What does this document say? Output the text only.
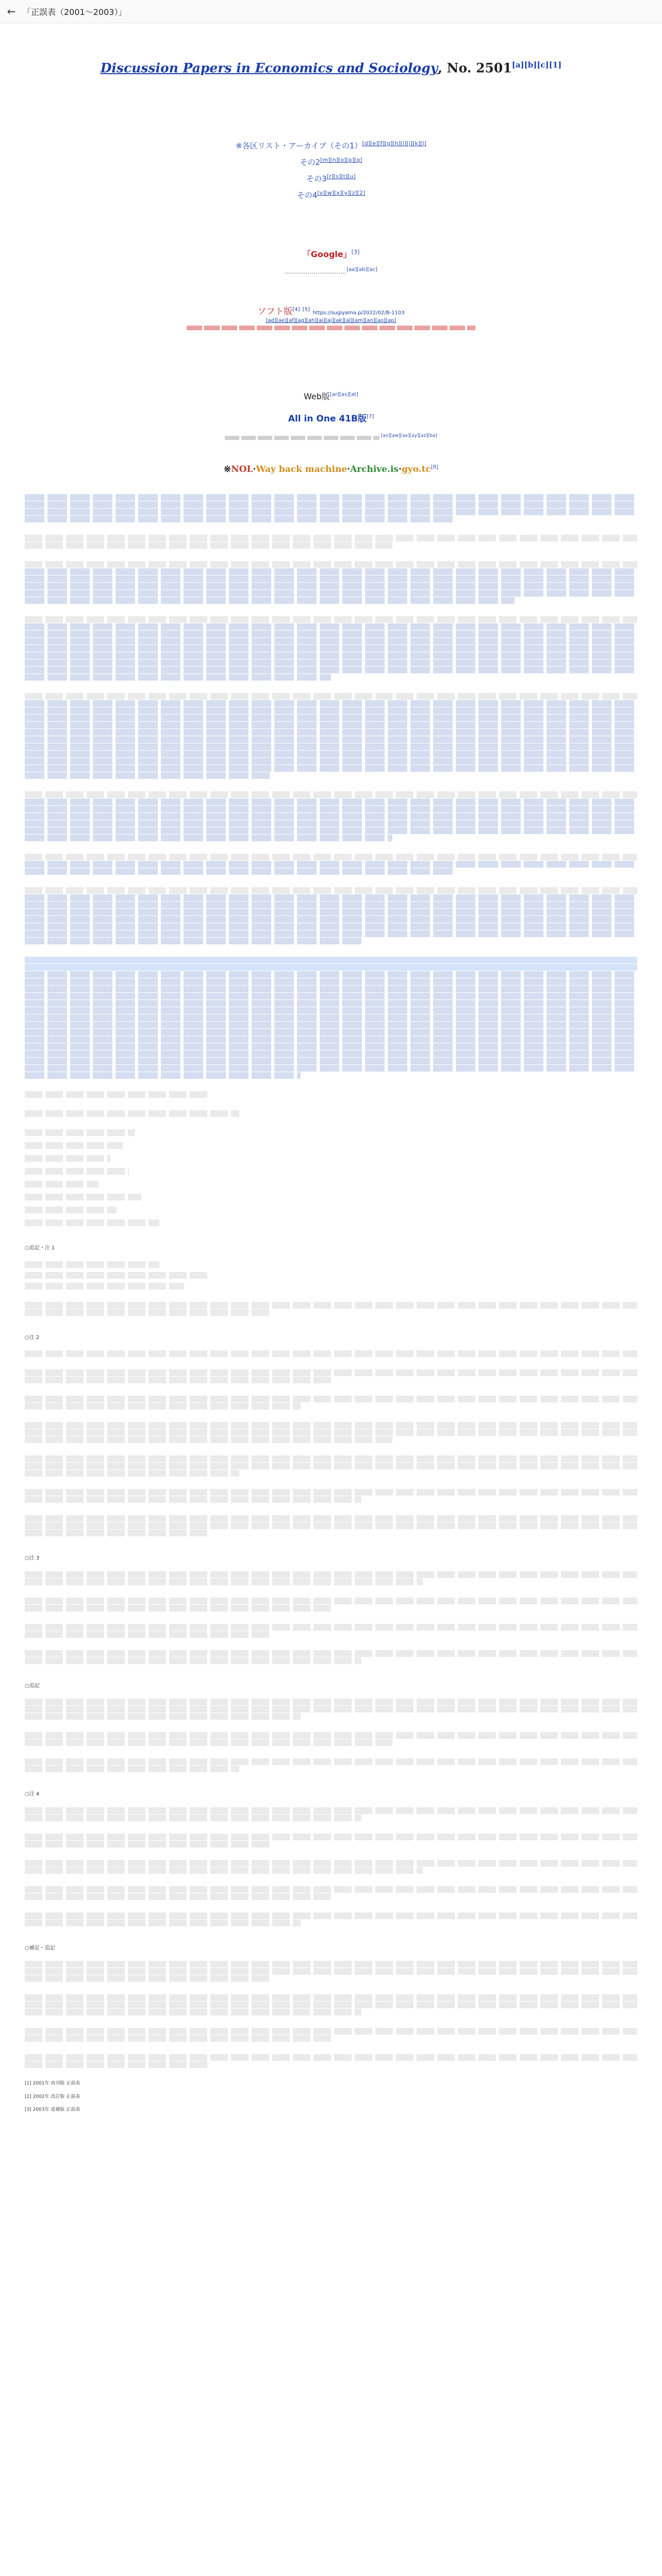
← 「正誤表（2001～2003）」
Discussion Papers in Economics and Sociology, No. 2501[a][b][c][1]
※各区リスト・アーカイブ（その1）[d][e][f][g][h][i][j][k][l]
その2[m][n][o][p][q]
その3[r][s][t][u]
その4[v][w][x][y][z][2]
「Google」[3]
…………………………[aa][ab][ac]
ソフト版[4] [5] https://sugiyama.p/2022/02/B-1103
[ad][ae][af][ag][ah][ai][aj][ak][al][am][an][ao][ap]
Web版[ar][as][at]
All in One 41B版[7]
[av][aw][ax][ay][az][ba]
※NOL·Way back machine·Archive.is·gyo.tc[8]
○追記・注 1
○注 2
○注 3
○追記
○注 4
○補足・追記
[1] 2001年 再刊版 正誤表
[2] 2002年 改訂版 正誤表
[3] 2003年 追補版 正誤表
